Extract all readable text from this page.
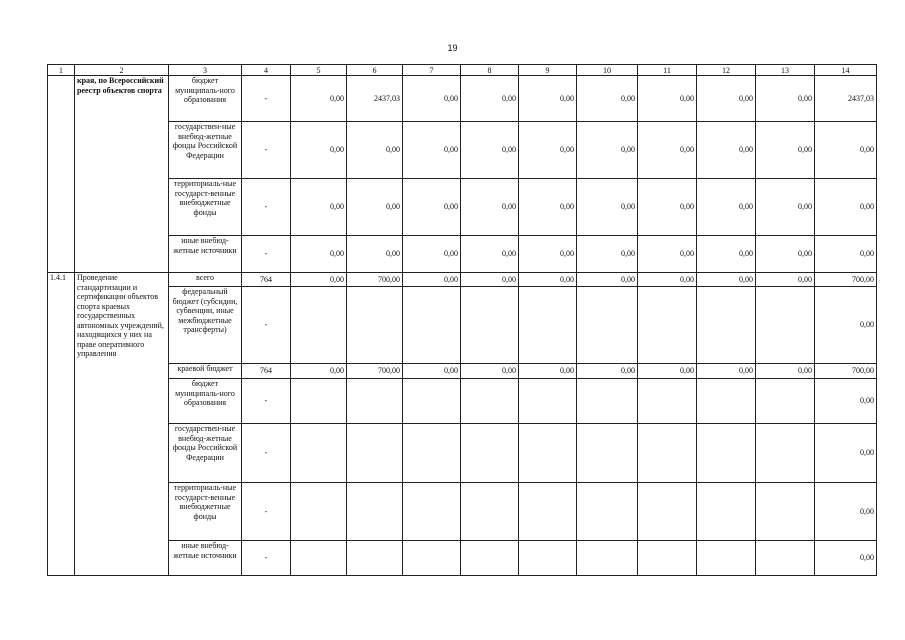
19
1	2	3	4	5	6	7	8	9	10	11	12	13	14
	края, по Всероссийский реестр объектов спорта	бюджет муниципаль-ного образования	-	0,00	2437,03	0,00	0,00	0,00	0,00	0,00	0,00	0,00	2437,03
		государствен-ные внебюд-жетные фонды Российской Федерации	-	0,00	0,00	0,00	0,00	0,00	0,00	0,00	0,00	0,00	0,00
		территориаль-ные государст-венные внебюджетные фонды	-	0,00	0,00	0,00	0,00	0,00	0,00	0,00	0,00	0,00	0,00
		иные внебюд-жетные источники	-	0,00	0,00	0,00	0,00	0,00	0,00	0,00	0,00	0,00	0,00
1.4.1	Проведение стандартизации и сертификации объектов спорта краевых государственных автономных учреждений, находящихся у них на праве оперативного управления	всего	764	0,00	700,00	0,00	0,00	0,00	0,00	0,00	0,00	0,00	700,00
		федеральный бюджет (субсидии, субвенции, иные межбюджетные трансферты)	-										0,00
		краевой бюджет	764	0,00	700,00	0,00	0,00	0,00	0,00	0,00	0,00	0,00	700,00
		бюджет муниципаль-ного образования	-										0,00
		государствен-ные внебюд-жетные фонды Российской Федерации	-										0,00
		территориаль-ные государст-венные внебюджетные фонды	-										0,00
		иные внебюд-жетные источники	-										0,00
